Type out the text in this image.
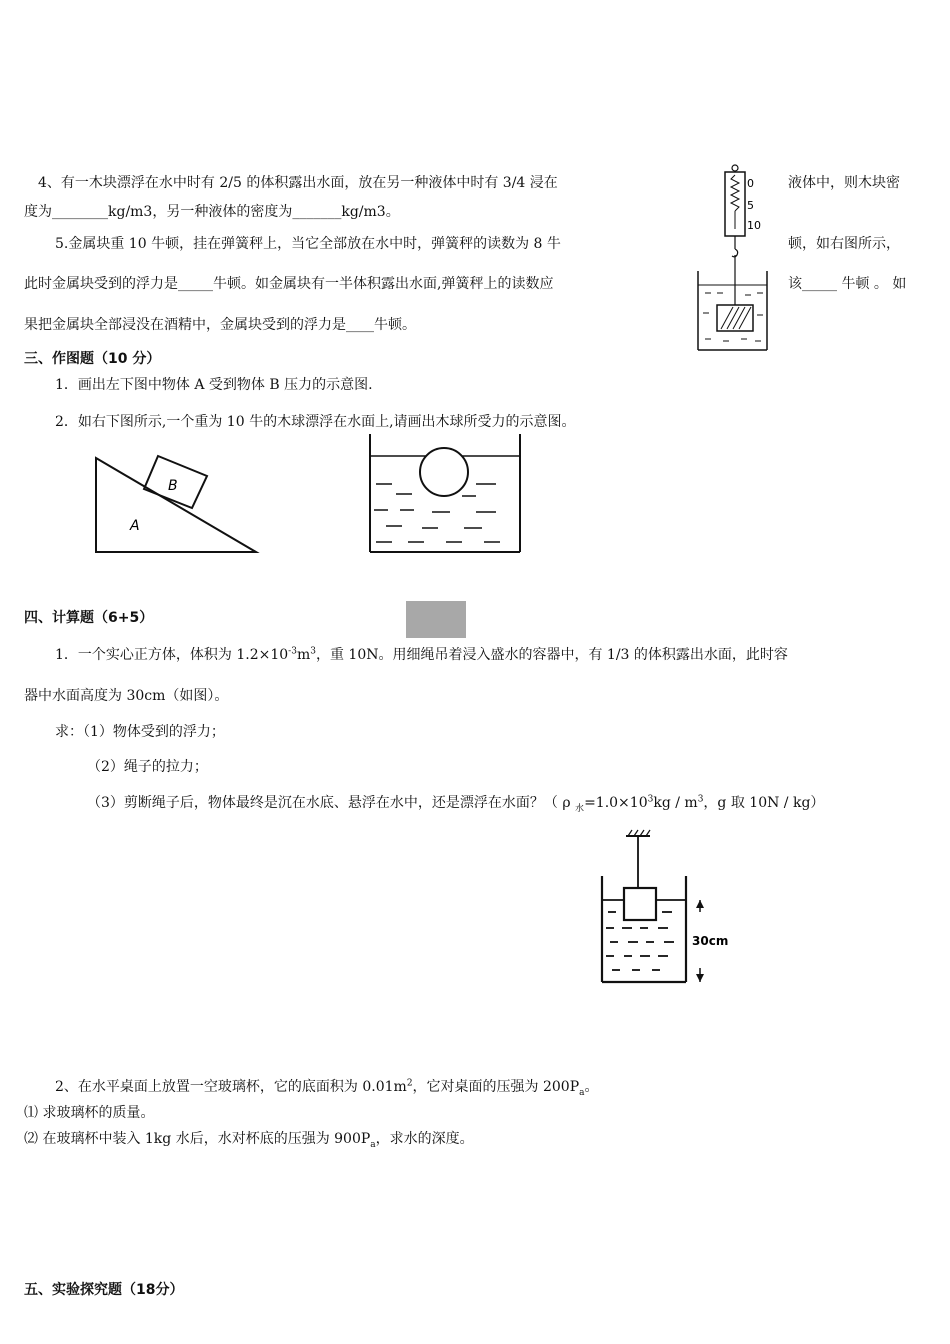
4、有一木块漂浮在水中时有 2/5 的体积露出水面，放在另一种液体中时有 3/4 浸在	液体中，则木块密
度为________kg/m3，另一种液体的密度为_______kg/m3。
5.金属块重 10 牛顿，挂在弹簧秤上，当它全部放在水中时，弹簧秤的读数为 8 牛	顿，如右图所示，
此时金属块受到的浮力是_____牛顿。如金属块有一半体积露出水面,弹簧秤上的读数应	该_____ 牛顿 。 如
果把金属块全部浸没在酒精中，金属块受到的浮力是____牛顿。
0
5
10
三、作图题（10 分）
1．画出左下图中物体 A 受到物体 B 压力的示意图.
2．如右下图所示,一个重为 10 牛的木球漂浮在水面上,请画出木球所受力的示意图。
B
A
四、计算题（6+5）
1．一个实心正方体，体积为 $1.2\times 10^{-3}m^3$，重 10N。用细绳吊着浸入盛水的容器中，有 1/3 的体积露出水面，此时容
器中水面高度为 30cm（如图）。
求：（1）物体受到的浮力；
（2）绳子的拉力；
（3）剪断绳子后，物体最终是沉在水底、悬浮在水中，还是漂浮在水面？（ ρ $_水=1.0\times 10^3kg / m^3$，g 取 10N / kg）
30cm
2、在水平桌面上放置一空玻璃杯，它的底面积为 $0.01m^2$，它对桌面的压强为 $200P_a$。
⑴ 求玻璃杯的质量。
⑵ 在玻璃杯中装入 1kg 水后，水对杯底的压强为 $900P_a$，求水的深度。
五、实验探究题（18分）
